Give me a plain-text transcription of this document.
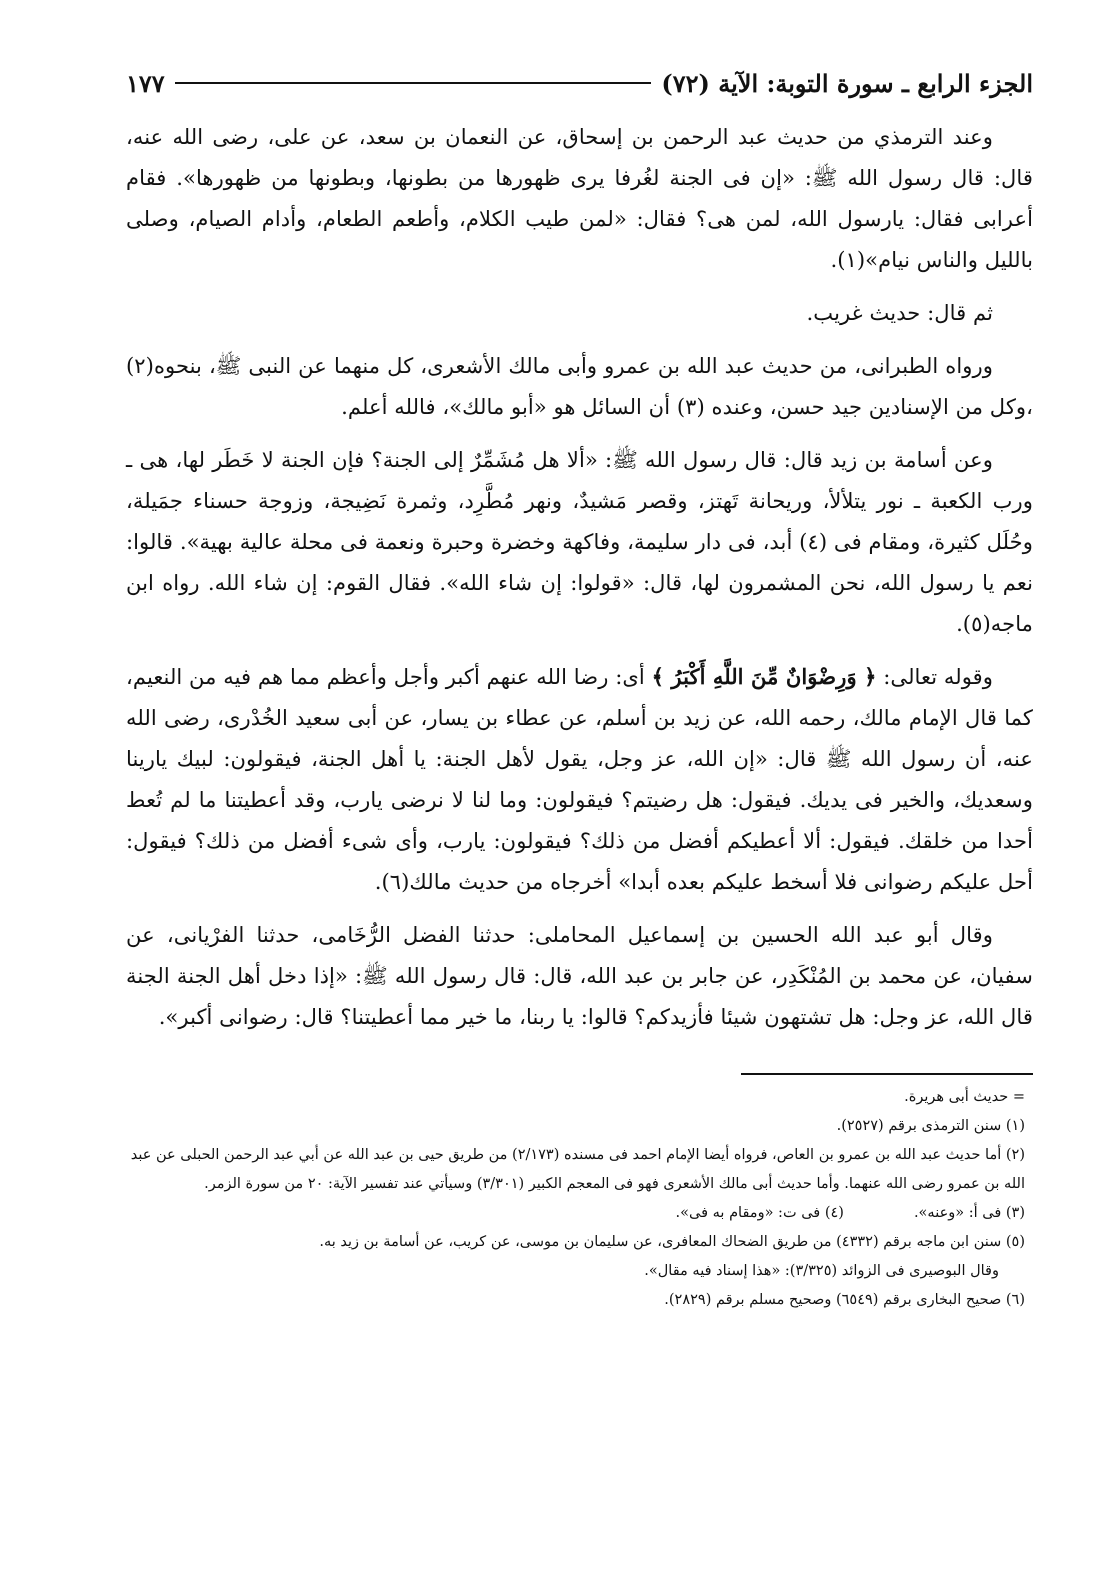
الجزء الرابع ـ سورة التوبة: الآية (٧٢)
١٧٧

وعند الترمذي من حديث عبد الرحمن بن إسحاق، عن النعمان بن سعد، عن على، رضى الله عنه، قال: قال رسول الله ﷺ: «إن فى الجنة لغُرفا يرى ظهورها من بطونها، وبطونها من ظهورها». فقام أعرابى فقال: يارسول الله، لمن هى؟ فقال: «لمن طيب الكلام، وأطعم الطعام، وأدام الصيام، وصلى بالليل والناس نيام»(١).

ثم قال: حديث غريب.

ورواه الطبرانى، من حديث عبد الله بن عمرو وأبى مالك الأشعرى، كل منهما عن النبى ﷺ، بنحوه(٢) ،وكل من الإسنادين جيد حسن، وعنده (٣) أن السائل هو «أبو مالك»، فالله أعلم.

وعن أسامة بن زيد قال: قال رسول الله ﷺ: «ألا هل مُشَمِّرٌ إلى الجنة؟ فإن الجنة لا خَطَر لها، هى ـ ورب الكعبة ـ نور يتلألأ، وريحانة تَهتز، وقصر مَشيدٌ، ونهر مُطَّرِد، وثمرة نَضِيجة، وزوجة حسناء جمَيلة، وحُلَل كثيرة، ومقام فى (٤) أبد، فى دار سليمة، وفاكهة وخضرة وحبرة ونعمة فى محلة عالية بهية». قالوا: نعم يا رسول الله، نحن المشمرون لها، قال: «قولوا: إن شاء الله». فقال القوم: إن شاء الله. رواه ابن ماجه(٥).

وقوله تعالى: ﴿ وَرِضْوَانٌ مِّنَ اللَّهِ أَكْبَرُ ﴾ أى: رضا الله عنهم أكبر وأجل وأعظم مما هم فيه من النعيم، كما قال الإمام مالك، رحمه الله، عن زيد بن أسلم، عن عطاء بن يسار، عن أبى سعيد الخُدْرى، رضى الله عنه، أن رسول الله ﷺ قال: «إن الله، عز وجل، يقول لأهل الجنة: يا أهل الجنة، فيقولون: لبيك يارينا وسعديك، والخير فى يديك. فيقول: هل رضيتم؟ فيقولون: وما لنا لا نرضى يارب، وقد أعطيتنا ما لم تُعط أحدا من خلقك. فيقول: ألا أعطيكم أفضل من ذلك؟ فيقولون: يارب، وأى شىء أفضل من ذلك؟ فيقول: أحل عليكم رضوانى فلا أسخط عليكم بعده أبدا» أخرجاه من حديث مالك(٦).

وقال أبو عبد الله الحسين بن إسماعيل المحاملى: حدثنا الفضل الرُّخَامى، حدثنا الفرْيانى، عن سفيان، عن محمد بن المُنْكَدِر، عن جابر بن عبد الله، قال: قال رسول الله ﷺ: «إذا دخل أهل الجنة الجنة قال الله، عز وجل: هل تشتهون شيئا فأزيدكم؟ قالوا: يا ربنا، ما خير مما أعطيتنا؟ قال: رضوانى أكبر».

= حديث أبى هريرة.

(١) سنن الترمذى برقم (٢٥٢٧).

(٢) أما حديث عبد الله بن عمرو بن العاص، فرواه أيضا الإمام احمد فى مسنده (٢/١٧٣) من طريق حيى بن عبد الله عن أبي عبد الرحمن الحبلى عن عبد الله بن عمرو رضى الله عنهما. وأما حديث أبى مالك الأشعرى فهو فى المعجم الكبير (٣/٣٠١) وسيأتي عند تفسير الآية: ٢٠ من سورة الزمر.

(٣) فى أ: «وعنه».
(٤) فى ت: «ومقام به فى».

(٥) سنن ابن ماجه برقم (٤٣٣٢) من طريق الضحاك المعافرى، عن سليمان بن موسى، عن كريب، عن أسامة بن زيد به.

وقال البوصيرى فى الزوائد (٣/٣٢٥): «هذا إسناد فيه مقال».

(٦) صحيح البخارى برقم (٦٥٤٩) وصحيح مسلم برقم (٢٨٢٩).
